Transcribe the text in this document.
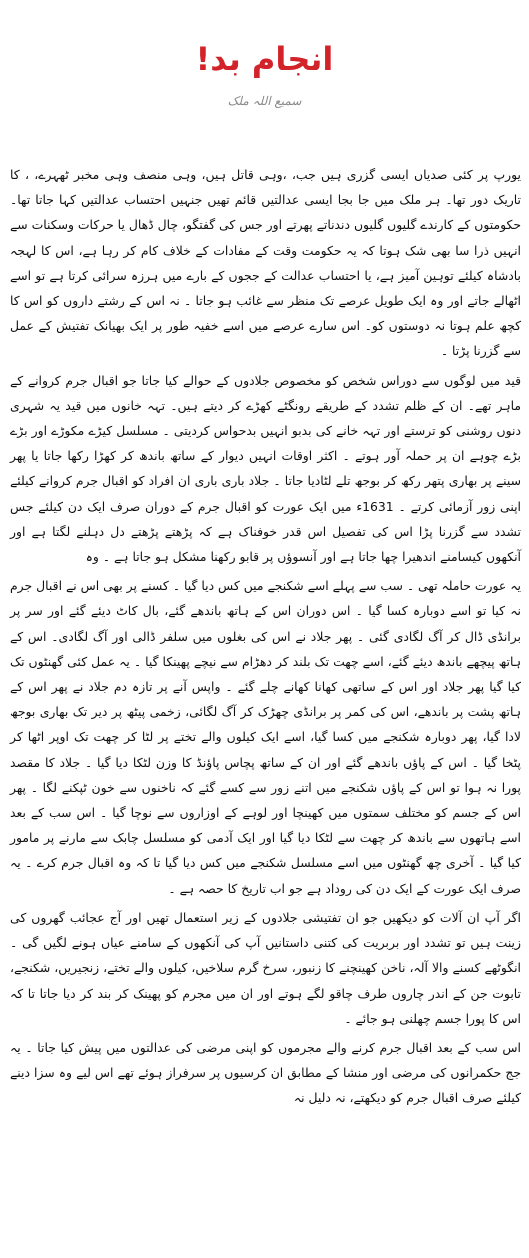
انجام بد!
سمیع اللہ ملک

یورپ پر کئی صدیاں ایسی گزری ہیں جب، ،وہی قاتل ہیں، وہی منصف وہی مخبر ٹھہرے، ، کا تاریک دور تھا۔ ہر ملک میں جا بجا ایسی عدالتیں قائم تھیں جنہیں احتساب عدالتیں کہا جاتا تھا۔حکومتوں کے کارندے گلیوں گلیوں دندناتے پھرتے اور جس کی گفتگو، چال ڈھال یا حرکات وسکنات سے انہیں ذرا سا بھی شک ہوتا کہ یہ حکومت وقت کے مفادات کے خلاف کام کر رہا ہے، اس کا لہجہ بادشاہ کیلئے توہین آمیز ہے، یا احتساب عدالت کے ججوں کے بارے میں ہرزہ سرائی کرتا ہے تو اسے اٹھالے جاتے اور وہ ایک طویل عرصے تک منظر سے غائب ہو جاتا ۔ نہ اس کے رشتے داروں کو اس کا کچھ علم ہوتا نہ دوستوں کو۔ اس سارے عرصے میں اسے خفیہ طور پر ایک بھیانک تفتیش کے عمل سے گزرنا پڑتا ۔

قید میں لوگوں سے دوراس شخص کو مخصوص جلادوں کے حوالے کیا جاتا جو اقبال جرم کروانے کے ماہر تھے۔ ان کے ظلم تشدد کے طریقے رونگٹے کھڑے کر دیتے ہیں۔ تہہ خانوں میں قید یہ شہری دنوں روشنی کو ترستے اور تہہ خانے کی بدبو انہیں بدحواس کردیتی ۔ مسلسل کیڑے مکوڑے اور بڑے بڑے چوہے ان پر حملہ آور ہوتے ۔ اکثر اوقات انہیں دیوار کے ساتھ باندھ کر کھڑا رکھا جاتا یا پھر سینے پر بھاری پتھر رکھ کر بوجھ تلے لٹادیا جاتا ۔ جلاد باری باری ان افراد کو اقبال جرم کروانے کیلئے اپنی زور آزمائی کرتے ۔ 1631ء میں ایک عورت کو اقبال جرم کے دوران صرف ایک دن کیلئے جس تشدد سے گزرنا پڑا اس کی تفصیل اس قدر خوفناک ہے کہ پڑھتے پڑھتے دل دہلنے لگتا ہے اور آنکھوں کیسامنے اندھیرا چھا جاتا ہے اور آنسوؤں پر قابو رکھنا مشکل ہو جاتا ہے ۔ وہ

یہ عورت حاملہ تھی ۔ سب سے پہلے اسے شکنجے میں کس دیا گیا ۔ کسنے پر بھی اس نے اقبال جرم نہ کیا تو اسے دوبارہ کسا گیا ۔ اس دوران اس کے ہاتھ باندھے گئے، بال کاٹ دیئے گئے اور سر پر برانڈی ڈال کر آگ لگادی گئی ۔ پھر جلاد نے اس کی بغلوں میں سلفر ڈالی اور آگ لگادی۔ اس کے ہاتھ پیچھے باندھ دیئے گئے، اسے چھت تک بلند کر دھڑام سے نیچے پھینکا گیا ۔ یہ عمل کئی گھنٹوں تک کیا گیا پھر جلاد اور اس کے ساتھی کھانا کھانے چلے گئے ۔ واپس آنے پر تازہ دم جلاد نے پھر اس کے ہاتھ پشت پر باندھے، اس کی کمر پر برانڈی چھڑک کر آگ لگائی، زخمی پیٹھ پر دیر تک بھاری بوجھ لادا گیا، پھر دوبارہ شکنجے میں کسا گیا، اسے ایک کیلوں والے تختے پر لٹا کر چھت تک اوپر اٹھا کر پٹخا گیا ۔ اس کے پاؤں باندھے گئے اور ان کے ساتھ پچاس پاؤنڈ کا وزن لٹکا دیا گیا ۔ جلاد کا مقصد پورا نہ ہوا تو اس کے پاؤں شکنجے میں اتنے زور سے کسے گئے کہ ناخنوں سے خون ٹپکنے لگا ۔ پھر اس کے جسم کو مختلف سمتوں میں کھینچا اور لوہے کے اوزاروں سے نوچا گیا ۔ اس سب کے بعد اسے ہاتھوں سے باندھ کر چھت سے لٹکا دیا گیا اور ایک آدمی کو مسلسل چابک سے مارنے پر مامور کیا گیا ۔ آخری چھ گھنٹوں میں اسے مسلسل شکنجے میں کس دیا گیا تا کہ وہ اقبال جرم کرے ۔ یہ صرف ایک عورت کے ایک دن کی روداد ہے جو اب تاریخ کا حصہ ہے ۔

اگر آپ ان آلات کو دیکھیں جو ان تفتیشی جلادوں کے زیر استعمال تھیں اور آج عجائب گھروں کی زینت ہیں تو تشدد اور بربریت کی کتنی داستانیں آپ کی آنکھوں کے سامنے عیاں ہونے لگیں گی ۔ انگوٹھے کسنے والا آلہ، ناخن کھینچنے کا زنبور، سرخ گرم سلاخیں، کیلوں والے تختے، زنجیریں، شکنجے، تابوت جن کے اندر چاروں طرف چاقو لگے ہوتے اور ان میں مجرم کو پھینک کر بند کر دیا جاتا تا کہ اس کا پورا جسم چھلنی ہو جائے ۔

اس سب کے بعد اقبال جرم کرنے والے مجرموں کو اپنی مرضی کی عدالتوں میں پیش کیا جاتا ۔ یہ جج حکمرانوں کی مرضی اور منشا کے مطابق ان کرسیوں پر سرفراز ہوئے تھے اس لیے وہ سزا دینے کیلئے صرف اقبال جرم کو دیکھتے، نہ دلیل نہ
